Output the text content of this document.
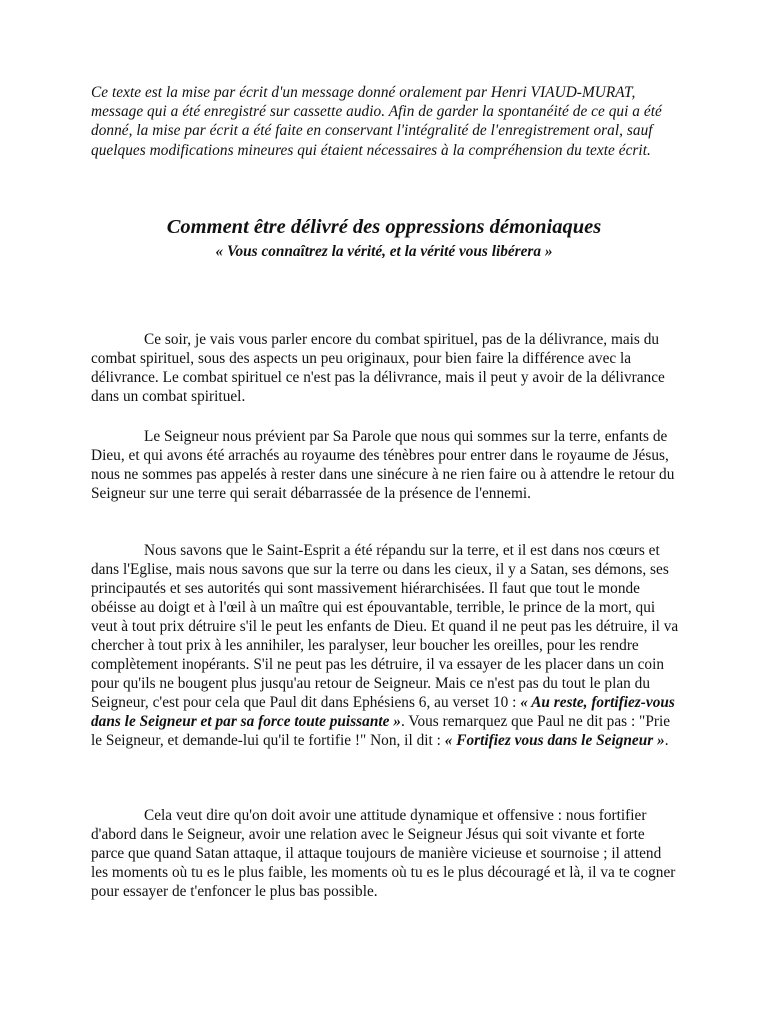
Ce texte est la mise par écrit d'un message donné oralement par Henri VIAUD-MURAT, message qui a été enregistré sur cassette audio. Afin de garder la spontanéité de ce qui a été donné, la mise par écrit a été faite en conservant l'intégralité de l'enregistrement oral, sauf quelques modifications mineures qui étaient nécessaires à la compréhension du texte écrit.

Comment être délivré des oppressions démoniaques
« Vous connaîtrez la vérité, et la vérité vous libérera »

Ce soir, je vais vous parler encore du combat spirituel, pas de la délivrance, mais du combat spirituel, sous des aspects un peu originaux, pour bien faire la différence avec la délivrance. Le combat spirituel ce n'est pas la délivrance, mais il peut y avoir de la délivrance dans un combat spirituel.

Le Seigneur nous prévient par Sa Parole que nous qui sommes sur la terre, enfants de Dieu, et qui avons été arrachés au royaume des ténèbres pour entrer dans le royaume de Jésus, nous ne sommes pas appelés à rester dans une sinécure à ne rien faire ou à attendre le retour du Seigneur sur une terre qui serait débarrassée de la présence de l'ennemi.

Nous savons que le Saint-Esprit a été répandu sur la terre, et il est dans nos cœurs et dans l'Eglise, mais nous savons que sur la terre ou dans les cieux, il y a Satan, ses démons, ses principautés et ses autorités qui sont massivement hiérarchisées. Il faut que tout le monde obéisse au doigt et à l'œil à un maître qui est épouvantable, terrible, le prince de la mort, qui veut à tout prix détruire s'il le peut les enfants de Dieu. Et quand il ne peut pas les détruire, il va chercher à tout prix à les annihiler, les paralyser, leur boucher les oreilles, pour les rendre complètement inopérants. S'il ne peut pas les détruire, il va essayer de les placer dans un coin pour qu'ils ne bougent plus jusqu'au retour de Seigneur. Mais ce n'est pas du tout le plan du Seigneur, c'est pour cela que Paul dit dans Ephésiens 6, au verset 10 : « Au reste, fortifiez-vous dans le Seigneur et par sa force toute puissante ». Vous remarquez que Paul ne dit pas : "Prie le Seigneur, et demande-lui qu'il te fortifie !" Non, il dit : « Fortifiez vous dans le Seigneur ».

Cela veut dire qu'on doit avoir une attitude dynamique et offensive : nous fortifier d'abord dans le Seigneur, avoir une relation avec le Seigneur Jésus qui soit vivante et forte parce que quand Satan attaque, il attaque toujours de manière vicieuse et sournoise ; il attend les moments où tu es le plus faible, les moments où tu es le plus découragé et là, il va te cogner pour essayer de t'enfoncer le plus bas possible.
